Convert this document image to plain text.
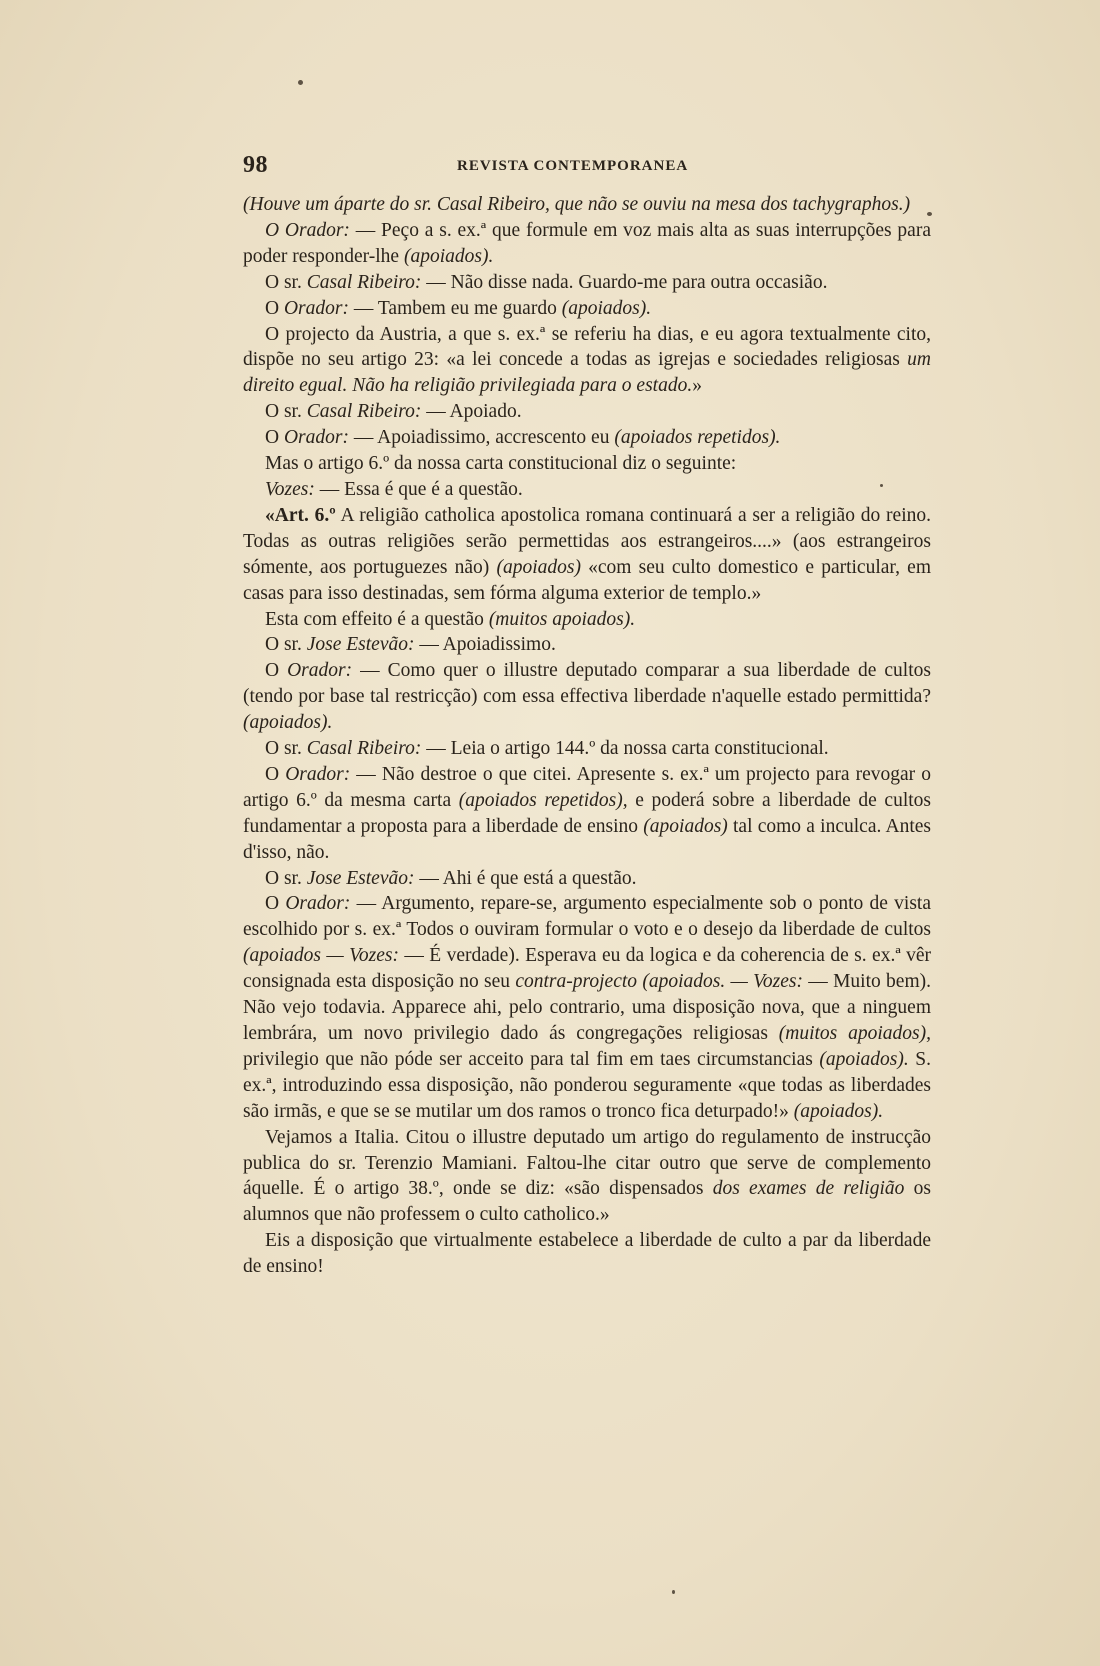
98	REVISTA CONTEMPORANEA

(Houve um áparte do sr. Casal Ribeiro, que não se ouviu na mesa dos tachygraphos.)

O Orador: — Peço a s. ex.ª que formule em voz mais alta as suas interrupções para poder responder-lhe (apoiados).

O sr. Casal Ribeiro: — Não disse nada. Guardo-me para outra occasião.

O Orador: — Tambem eu me guardo (apoiados).

O projecto da Austria, a que s. ex.ª se referiu ha dias, e eu agora textualmente cito, dispõe no seu artigo 23: «a lei concede a todas as igrejas e sociedades religiosas um direito egual. Não ha religião privilegiada para o estado.»

O sr. Casal Ribeiro: — Apoiado.

O Orador: — Apoiadissimo, accrescento eu (apoiados repetidos).

Mas o artigo 6.º da nossa carta constitucional diz o seguinte:

Vozes: — Essa é que é a questão.

«Art. 6.º A religião catholica apostolica romana continuará a ser a religião do reino. Todas as outras religiões serão permettidas aos estrangeiros....» (aos estrangeiros sómente, aos portuguezes não) (apoiados) «com seu culto domestico e particular, em casas para isso destinadas, sem fórma alguma exterior de templo.»

Esta com effeito é a questão (muitos apoiados).

O sr. Jose Estevão: — Apoiadissimo.

O Orador: — Como quer o illustre deputado comparar a sua liberdade de cultos (tendo por base tal restricção) com essa effectiva liberdade n'aquelle estado permittida? (apoiados).

O sr. Casal Ribeiro: — Leia o artigo 144.º da nossa carta constitucional.

O Orador: — Não destroe o que citei. Apresente s. ex.ª um projecto para revogar o artigo 6.º da mesma carta (apoiados repetidos), e poderá sobre a liberdade de cultos fundamentar a proposta para a liberdade de ensino (apoiados) tal como a inculca. Antes d'isso, não.

O sr. Jose Estevão: — Ahi é que está a questão.

O Orador: — Argumento, repare-se, argumento especialmente sob o ponto de vista escolhido por s. ex.ª Todos o ouviram formular o voto e o desejo da liberdade de cultos (apoiados — Vozes: — É verdade). Esperava eu da logica e da coherencia de s. ex.ª vêr consignada esta disposição no seu contra-projecto (apoiados. — Vozes: — Muito bem). Não vejo todavia. Apparece ahi, pelo contrario, uma disposição nova, que a ninguem lembrára, um novo privilegio dado ás congregações religiosas (muitos apoiados), privilegio que não póde ser acceito para tal fim em taes circumstancias (apoiados). S. ex.ª, introduzindo essa disposição, não ponderou seguramente «que todas as liberdades são irmãs, e que se se mutilar um dos ramos o tronco fica deturpado!» (apoiados).

Vejamos a Italia. Citou o illustre deputado um artigo do regulamento de instrucção publica do sr. Terenzio Mamiani. Faltou-lhe citar outro que serve de complemento áquelle. É o artigo 38.º, onde se diz: «são dispensados dos exames de religião os alumnos que não professem o culto catholico.»

Eis a disposição que virtualmente estabelece a liberdade de culto a par da liberdade de ensino!
